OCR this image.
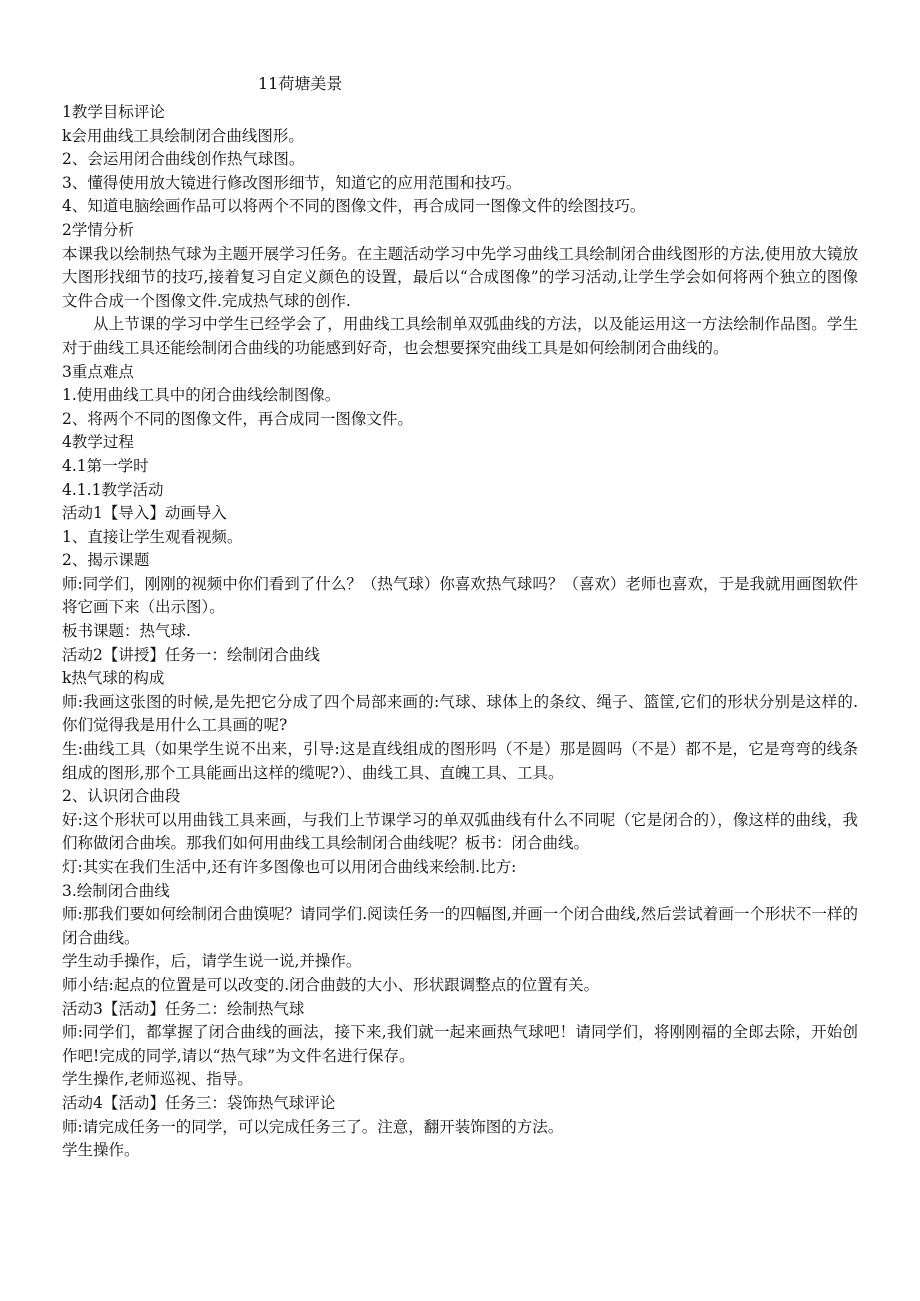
11荷塘美景

1教学目标评论

k会用曲线工具绘制闭合曲线图形。

2、会运用闭合曲线创作热气球图。

3、懂得使用放大镜进行修改图形细节，知道它的应用范围和技巧。

4、知道电脑绘画作品可以将两个不同的图像文件，再合成同一图像文件的绘图技巧。

2学情分析

本课我以绘制热气球为主题开展学习任务。在主题活动学习中先学习曲线工具绘制闭合曲线图形的方法,使用放大镜放大图形找细节的技巧,接着复习自定义颜色的设置，最后以“合成图像”的学习活动,让学生学会如何将两个独立的图像文件合成一个图像文件.完成热气球的创作.

从上节课的学习中学生已经学会了，用曲线工具绘制单双弧曲线的方法，以及能运用这一方法绘制作品图。学生对于曲线工具还能绘制闭合曲线的功能感到好奇，也会想要探究曲线工具是如何绘制闭合曲线的。

3重点难点

1.使用曲线工具中的闭合曲线绘制图像。

2、将两个不同的图像文件，再合成同一图像文件。

4教学过程

4.1第一学时

4.1.1教学活动

活动1【导入】动画导入

1、直接让学生观看视频。

2、揭示课题

师:同学们，刚刚的视频中你们看到了什么？（热气球）你喜欢热气球吗？（喜欢）老师也喜欢，于是我就用画图软件将它画下来（出示图）。

板书课题：热气球.

活动2【讲授】任务一：绘制闭合曲线

k热气球的构成

师:我画这张图的时候,是先把它分成了四个局部来画的:气球、球体上的条纹、绳子、篮筐,它们的形状分别是这样的.你们觉得我是用什么工具画的呢?

生:曲线工具（如果学生说不出来，引导:这是直线组成的图形吗（不是）那是圆吗（不是）都不是，它是弯弯的线条组成的图形,那个工具能画出这样的缆呢?）、曲线工具、直魄工具、工具。

2、认识闭合曲段

好:这个形状可以用曲钱工具来画，与我们上节课学习的单双弧曲线有什么不同呢（它是闭合的），像这样的曲线，我们称做闭合曲埃。那我们如何用曲线工具绘制闭合曲线呢？板书：闭合曲线。

灯:其实在我们生活中,还有许多图像也可以用闭合曲线来绘制.比方:

3.绘制闭合曲线

师:那我们要如何绘制闭合曲馍呢？请同学们.阅读任务一的四幅图,并画一个闭合曲线,然后尝试着画一个形状不一样的闭合曲线。

学生动手操作，后，请学生说一说,并操作。

师小结:起点的位置是可以改变的.闭合曲鼓的大小、形状跟调整点的位置有关。

活动3【活动】任务二：绘制热气球

师:同学们，都掌握了闭合曲线的画法，接下来,我们就一起来画热气球吧！请同学们，将刚刚福的全郎去除，开始创作吧!完成的同学,请以“热气球”为文件名进行保存。

学生操作,老师巡视、指导。

活动4【活动】任务三：袋饰热气球评论

师:请完成任务一的同学，可以完成任务三了。注意，翻开装饰图的方法。

学生操作。
